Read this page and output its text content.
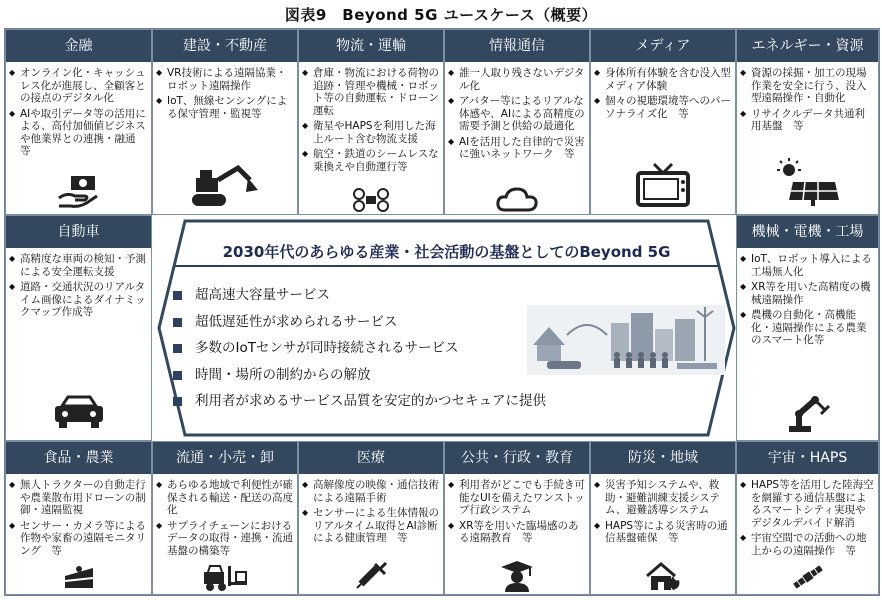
図表9　Beyond 5G ユースケース（概要）
金融
◆ オンライン化・キャッシュレス化が進展し、全顧客との接点のデジタル化
◆ AIや取引データ等の活用による、高付加価値ビジネスや他業界との連携・融通　等
建設・不動産
◆ VR技術による遠隔協業・ロボット遠隔操作
◆ IoT、無線センシングによる保守管理・監視等
物流・運輸
◆ 倉庫・物流における荷物の追跡・管理や機械・ロボット等の自動運転・ドローン運転
◆ 衛星やHAPSを利用した海上ルート含む物流支援
◆ 航空・鉄道のシームレスな乗換えや自動運行等
情報通信
◆ 誰一人取り残さないデジタル化
◆ アバター等によるリアルな体感や、AIによる高精度の需要予測と供給の最適化
◆ AIを活用した自律的で災害に強いネットワーク　等
メディア
◆ 身体所有体験を含む没入型メディア体験
◆ 個々の視聴環境等へのパーソナライズ化　等
エネルギー・資源
◆ 資源の採掘・加工の現場作業を安全に行う、没入型遠隔操作・自動化
◆ リサイクルデータ共通利用基盤　等
自動車
◆ 高精度な車両の検知・予測による安全運転支援
◆ 道路・交通状況のリアルタイム画像によるダイナミックマップ作成等
機械・電機・工場
◆ IoT、ロボット導入による工場無人化
◆ XR等を用いた高精度の機械遠隔操作
◆ 農機の自動化・高機能化・遠隔操作による農業のスマート化等
食品・農業
◆ 無人トラクターの自動走行や農業散布用ドローンの制御・遠隔監視
◆ センサー・カメラ等による作物や家畜の遠隔モニタリング　等
流通・小売・卸
◆ あらゆる地域で利便性が確保される輸送・配送の高度化
◆ サプライチェーンにおけるデータの取得・連携・流通基盤の構築等
医療
◆ 高解像度の映像・通信技術による遠隔手術
◆ センサーによる生体情報のリアルタイム取得とAI診断による健康管理　等
公共・行政・教育
◆ 利用者がどこでも手続き可能なUIを備えたワンストップ行政システム
◆ XR等を用いた臨場感のある遠隔教育　等
防災・地域
◆ 災害予知システムや、救助・避難訓練支援システム、避難誘導システム
◆ HAPS等による災害時の通信基盤確保　等
宇宙・HAPS
◆ HAPS等を活用した陸海空を網羅する通信基盤によるスマートシティ実現やデジタルデバイド解消
◆ 宇宙空間での活動への地上からの遠隔操作　等
2030年代のあらゆる産業・社会活動の基盤としてのBeyond 5G
超高速大容量サービス
超低遅延性が求められるサービス
多数のIoTセンサが同時接続されるサービス
時間・場所の制約からの解放
利用者が求めるサービス品質を安定的かつセキュアに提供
